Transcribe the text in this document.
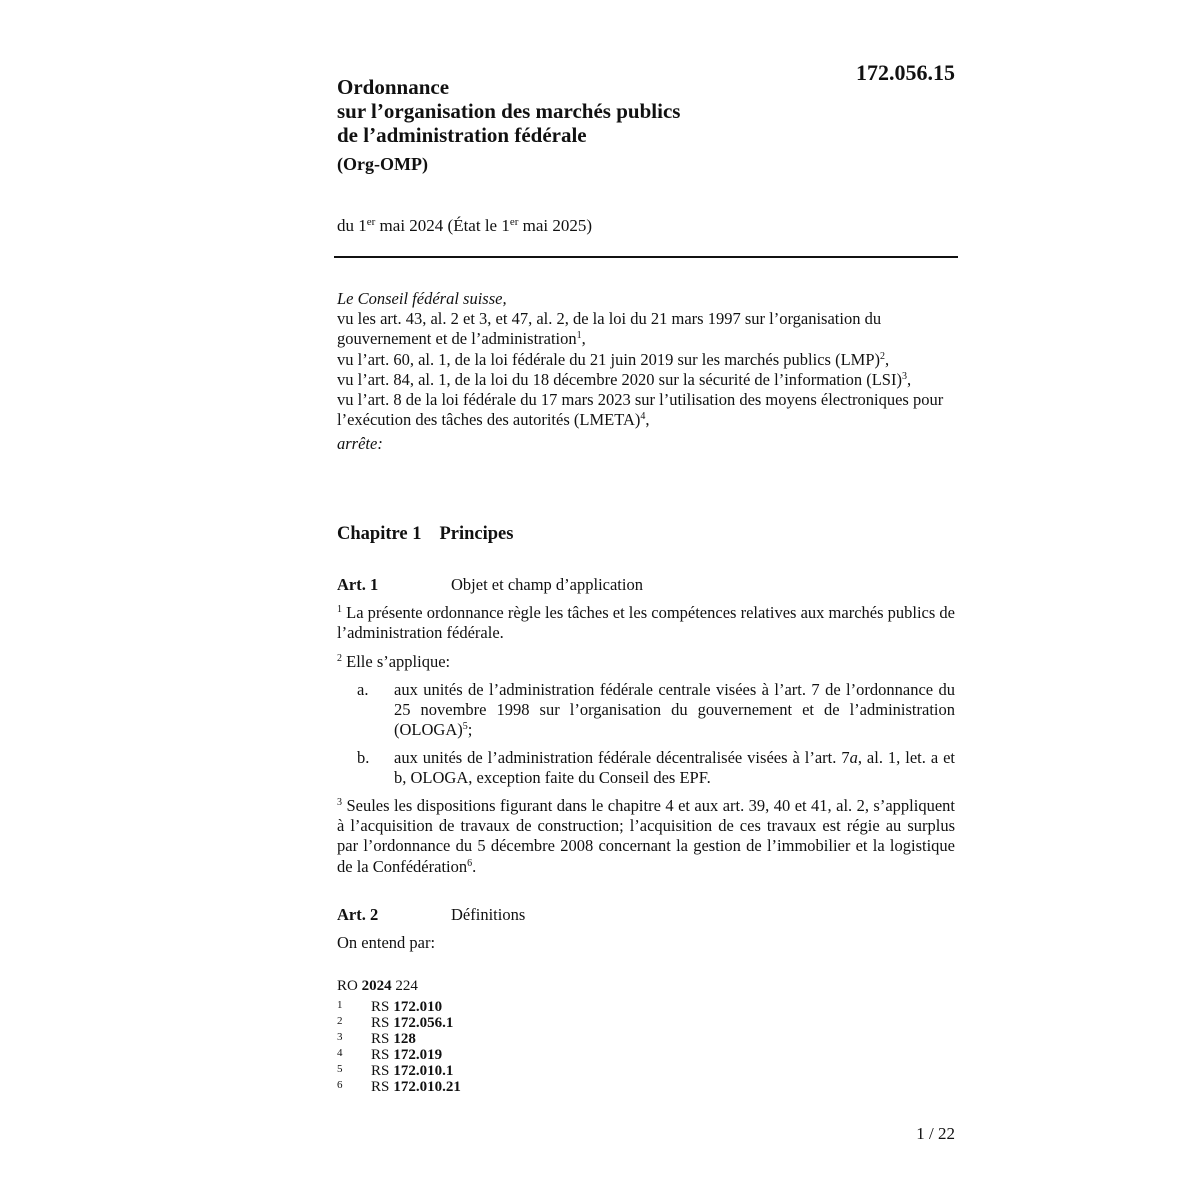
172.056.15
Ordonnance
sur l’organisation des marchés publics
de l’administration fédérale
(Org-OMP)
du 1er mai 2024 (État le 1er mai 2025)

Le Conseil fédéral suisse,

vu les art. 43, al. 2 et 3, et 47, al. 2, de la loi du 21 mars 1997 sur l’organisation du gouvernement et de l’administration$^1$,

vu l’art. 60, al. 1, de la loi fédérale du 21 juin 2019 sur les marchés publics (LMP)$^2$,

vu l’art. 84, al. 1, de la loi du 18 décembre 2020 sur la sécurité de l’information (LSI)$^3$,

vu l’art. 8 de la loi fédérale du 17 mars 2023 sur l’utilisation des moyens électroniques pour l’exécution des tâches des autorités (LMETA)$^4$,

arrête:

Chapitre 1 Principes
Art. 1	Objet et champ d’application

$^1$ La présente ordonnance règle les tâches et les compétences relatives aux marchés publics de l’administration fédérale.

$^2$ Elle s’applique:

a.	aux unités de l’administration fédérale centrale visées à l’art. 7 de l’ordonnance du 25 novembre 1998 sur l’organisation du gouvernement et de l’administration (OLOGA)$^5$;
b.	aux unités de l’administration fédérale décentralisée visées à l’art. 7a, al. 1, let. a et b, OLOGA, exception faite du Conseil des EPF.

$^3$ Seules les dispositions figurant dans le chapitre 4 et aux art. 39, 40 et 41, al. 2, s’appliquent à l’acquisition de travaux de construction; l’acquisition de ces travaux est régie au surplus par l’ordonnance du 5 décembre 2008 concernant la gestion de l’immobilier et la logistique de la Confédération$^6$.

Art. 2	Définitions
On entend par:
RO 2024 224
1	RS 172.010
2	RS 172.056.1
3	RS 128
4	RS 172.019
5	RS 172.010.1
6	RS 172.010.21
1 / 22
